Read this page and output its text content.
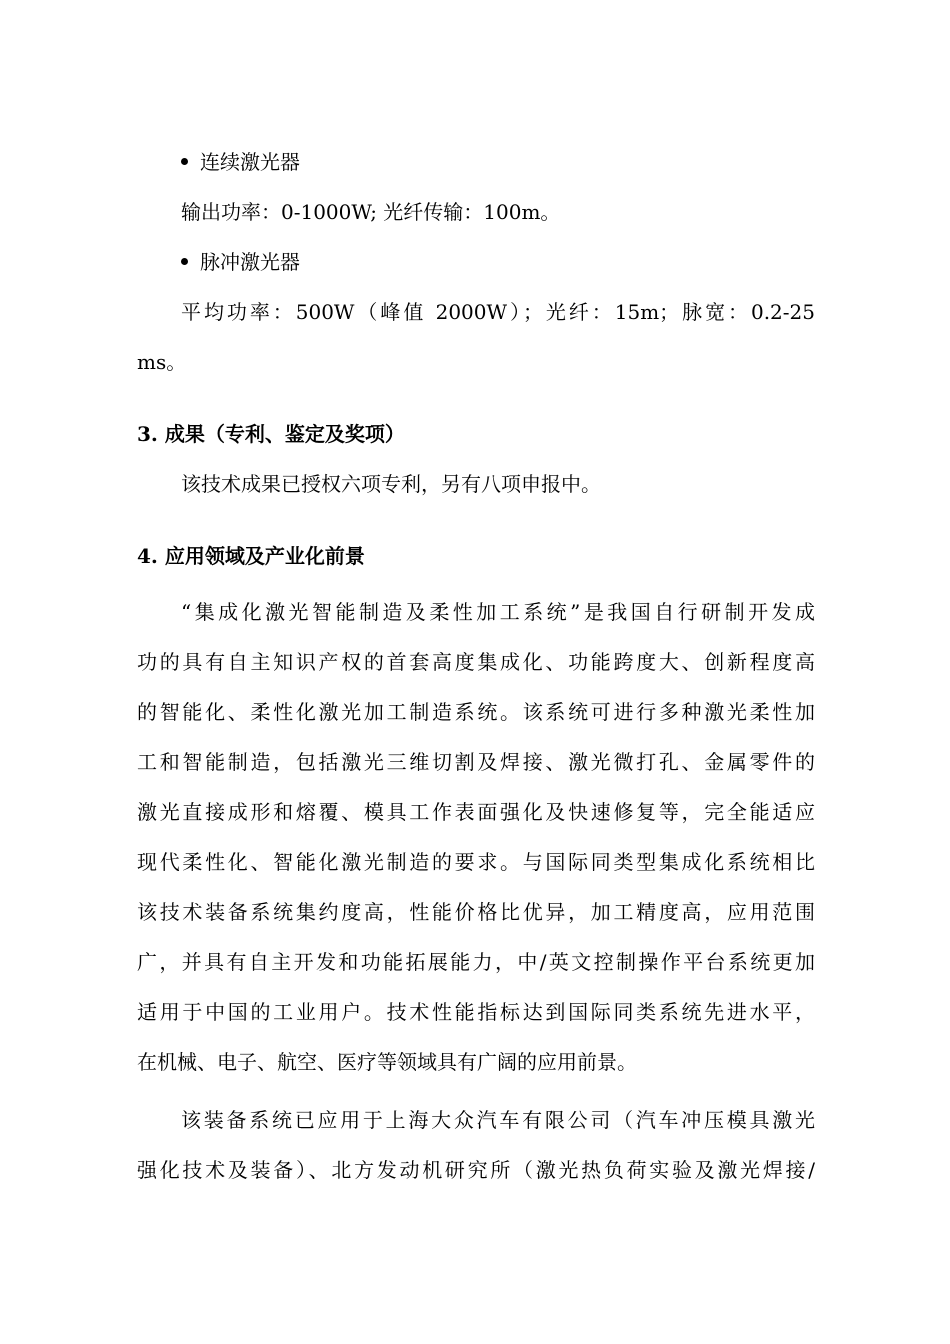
连续激光器
输出功率：0-1000W; 光纤传输：100m。
脉冲激光器
平均功率：500W（峰值 2000W）；光纤：15m；脉宽：0.2-25
ms。
3. 成果（专利、鉴定及奖项）
该技术成果已授权六项专利，另有八项申报中。
4. 应用领域及产业化前景
“集成化激光智能制造及柔性加工系统”是我国自行研制开发成
功的具有自主知识产权的首套高度集成化、功能跨度大、创新程度高
的智能化、柔性化激光加工制造系统。该系统可进行多种激光柔性加
工和智能制造，包括激光三维切割及焊接、激光微打孔、金属零件的
激光直接成形和熔覆、模具工作表面强化及快速修复等，完全能适应
现代柔性化、智能化激光制造的要求。与国际同类型集成化系统相比
该技术装备系统集约度高，性能价格比优异，加工精度高，应用范围
广，并具有自主开发和功能拓展能力，中/英文控制操作平台系统更加
适用于中国的工业用户。技术性能指标达到国际同类系统先进水平，
在机械、电子、航空、医疗等领域具有广阔的应用前景。
该装备系统已应用于上海大众汽车有限公司（汽车冲压模具激光
强化技术及装备）、北方发动机研究所（激光热负荷实验及激光焊接/
